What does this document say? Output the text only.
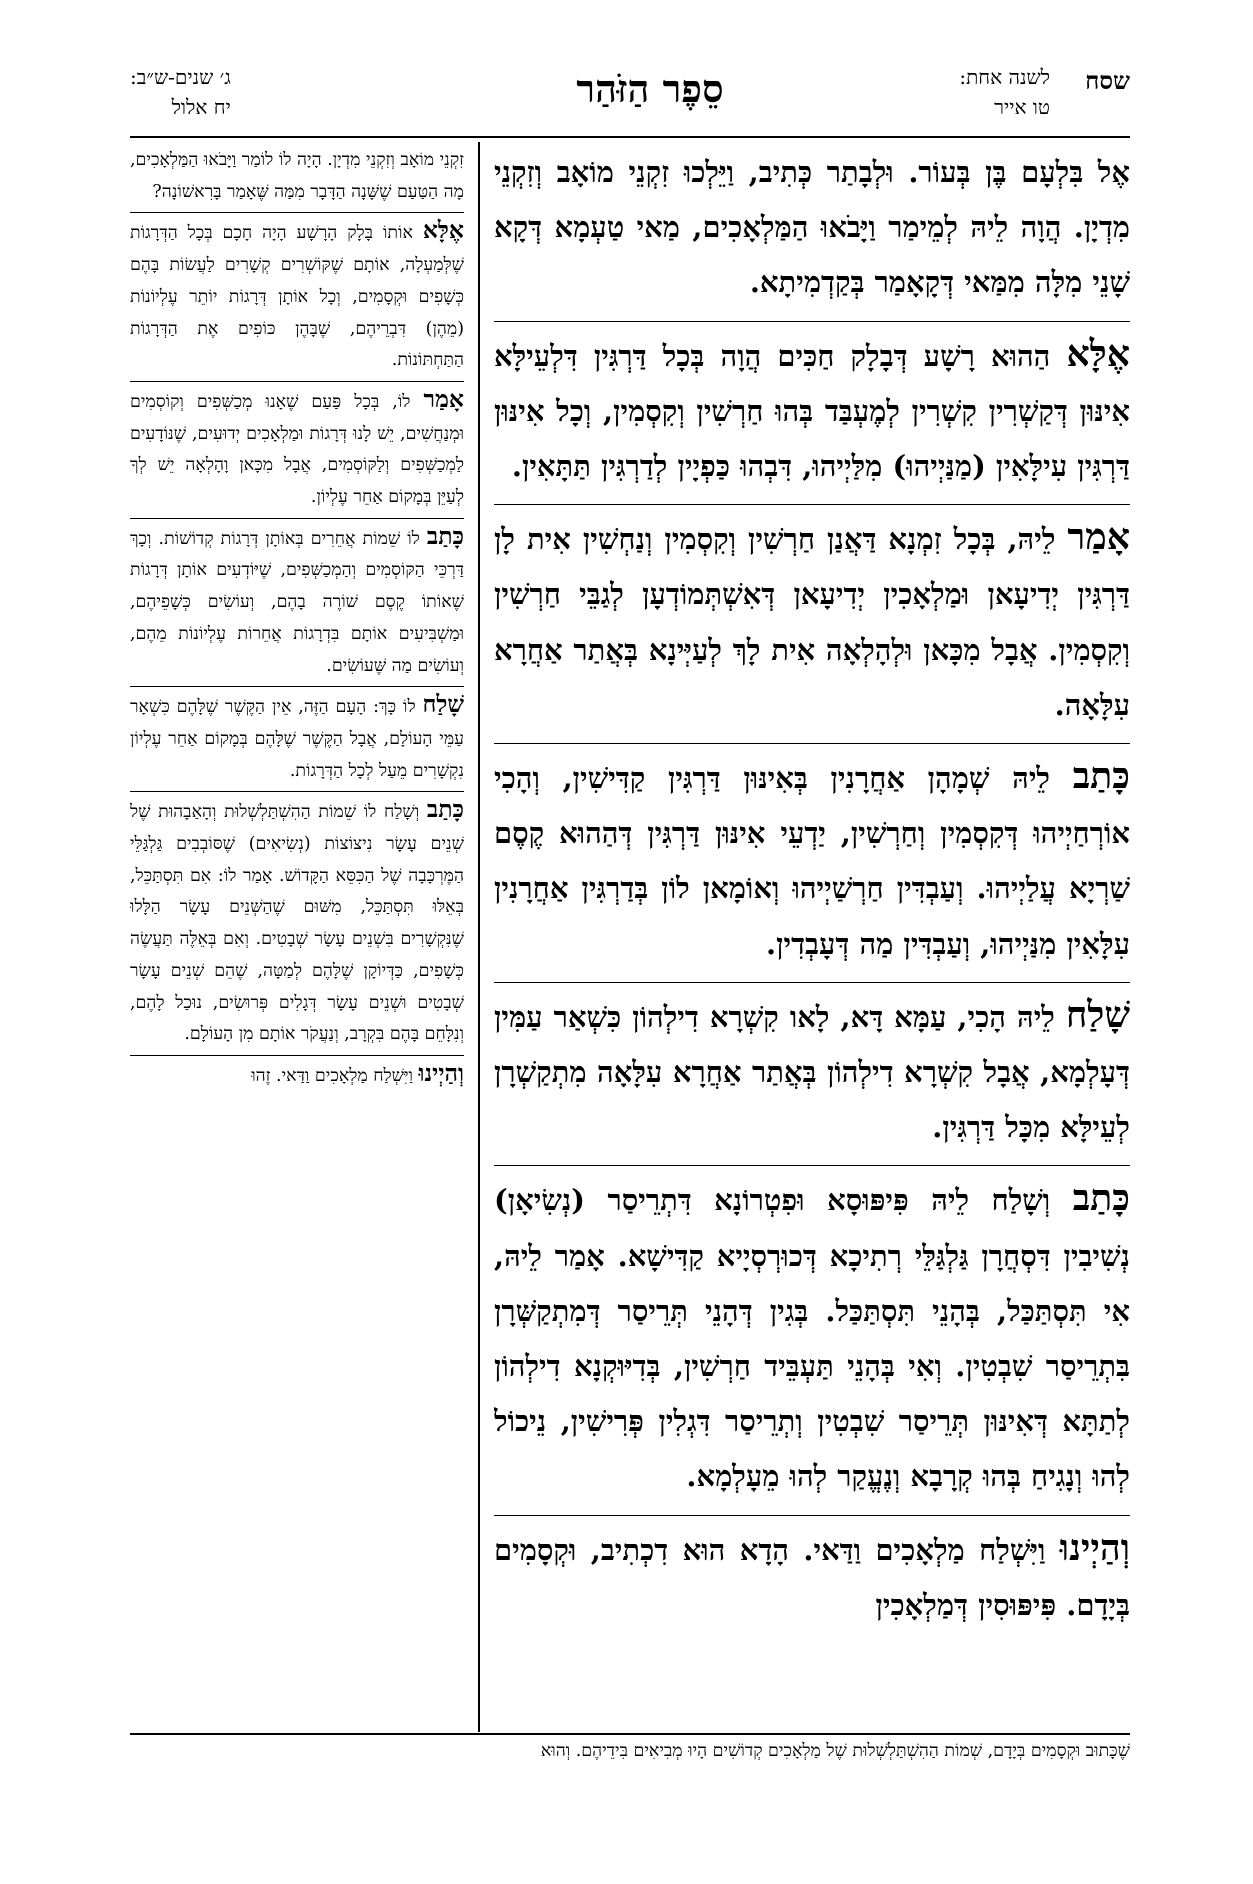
שסח
לשנה אחת:
טו אייר
סֵפֶר הַזֹּהַר
ג׳ שנים-ש״ב:
יח אלול

אֶל בִּלְעָם בֶּן בְּעוֹר. וּלְבָתַר כְּתִיב, וַיֵּלְכוּ זִקְנֵי מוֹאָב וְזִקְנֵי מִדְיָן. הֲוָה לֵיהּ לְמֵימַר וַיָּבֹאוּ הַמַּלְאָכִים, מַאי טַעְמָא דְּקָא שָׁנֵי מִלָּה מִמַּאי דְּקָאָמַר בְּקַדְמִיתָא.

אֶלָּא הַהוּא רָשָׁע דְּבָלָק חַכִּים הֲוָה בְּכָל דַּרְגִּין דִּלְעֵילָּא אִינּוּן דְּקַשְׁרִין קִשְׁרִין לְמֶעְבַּד בְּהוּ חַרְשִׁין וְקִסְמִין, וְכָל אִינּוּן דַּרְגִּין עִילָּאִין (מַנַּיְיהוּ) מִלַּיְיהוּ, דִּבְהוּ כַּפְיָין לְדַרְגִּין תַּתָּאִין.

אָמַר לֵיהּ, בְּכָל זִמְנָא דַּאֲנַן חַרְשִׁין וְקִסְמִין וְנַחְשִׁין אִית לָן דַּרְגִּין יְדִיעָאן וּמַלְאָכִין יְדִיעָאן דְּאִשְׁתְּמוֹדְעָן לְגַבֵּי חַרְשִׁין וְקִסְמִין. אֲבָל מִכָּאן וּלְהָלְאָה אִית לָךְ לְעַיְּינָא בְּאֲתַר אַחֲרָא עִלָּאָה.

כָּתַב לֵיהּ שְׁמָהָן אַחֲרָנִין בְּאִינּוּן דַּרְגִּין קַדִּישִׁין, וְהָכִי אוֹרְחַיְיהוּ דְּקִסְמִין וְחַרְשִׁין, יַדְעֵי אִינּוּן דַּרְגִּין דְּהַהוּא קֶסֶם שַׁרְיָא עֲלַיְיהוּ. וְעַבְדִּין חַרְשַׁיְיהוּ וְאוֹמָאן לוֹן בְּדַרְגִּין אַחֲרָנִין עִלָּאִין מִנַּיְיהוּ, וְעַבְדִּין מַה דְּעָבְדִין.

שָׁלַח לֵיהּ הָכִי, עַמָּא דָּא, לָאו קִשְׁרָא דִילְהוֹן כִּשְׁאַר עַמִּין דְּעָלְמָא, אֲבָל קִשְׁרָא דִילְהוֹן בְּאֲתַר אַחֲרָא עִלָּאָה מִתְקַשְׁרָן לְעֵילָּא מִכָּל דַּרְגִּין.

כָּתַב וְשָׁלַח לֵיהּ פִּיפּוּסָא וּפִטְרוֹנָא דִּתְרֵיסַר (נְשִׂיאָן) נְשִׁיבִין דִּסְחֲרָן גַּלְגַּלֵּי רְתִיכָא דְּכוּרְסְיָיא קַדִּישָׁא. אָמַר לֵיהּ, אִי תִּסְתַּכַּל, בְּהָנֵי תִּסְתַּכַּל. בְּגִין דְּהָנֵי תְּרֵיסַר דְּמִתְקַשְּׁרָן בִּתְרֵיסַר שִׁבְטִין. וְאִי בְּהָנֵי תַּעְבֵּיד חַרְשִׁין, בְּדִיּוּקְנָא דִילְהוֹן לְתַתָּא דְּאִינּוּן תְּרֵיסַר שִׁבְטִין וְתְרֵיסַר דִּגְלִין פְּרִישִׁין, נֵיכוֹל לְהוּ וְנָגִיחַ בְּהוּ קְרָבָא וְנֶעֱקַר לְהוּ מֵעָלְמָא.

וְהַיְינוּ וַיִּשְׁלַח מַלְאָכִים וַדַּאי. הָדָא הוּא דִכְתִיב, וּקְסָמִים בְּיָדָם. פִּיפּוּסִין דְּמַלְאָכִין

זִקְנֵי מוֹאָב וְזִקְנֵי מִדְיָן. הָיָה לוֹ לוֹמַר וַיָּבֹאוּ הַמַּלְאָכִים, מָה הַטַּעַם שֶׁשָּׁנָה הַדָּבָר מִמַּה שֶּׁאָמַר בָּרִאשׁוֹנָה?

אֶלָּא אוֹתוֹ בָּלָק הָרָשָׁע הָיָה חָכָם בְּכָל הַדְּרָגוֹת שֶׁלְּמַעְלָה, אוֹתָם שֶׁקּוֹשְׁרִים קְשָׁרִים לַעֲשׂוֹת בָּהֶם כְּשָׁפִים וּקְסָמִים, וְכָל אוֹתָן דְּרָגוֹת יוֹתֵר עֶלְיוֹנוֹת (מֵהֶן) דִּבְרֵיהֶם, שֶׁבָּהֶן כּוֹפִים אֶת הַדְּרָגוֹת הַתַּחְתּוֹנוֹת.

אָמַר לוֹ, בְּכָל פַּעַם שֶׁאָנוּ מְכַשְּׁפִים וְקוֹסְמִים וּמְנַחֲשִׁים, יֵשׁ לָנוּ דְּרָגוֹת וּמַלְאָכִים יְדוּעִים, שֶׁנּוֹדָעִים לַמְכַשְּׁפִים וְלַקּוֹסְמִים, אֲבָל מִכָּאן וָהָלְאָה יֵשׁ לְךָ לְעַיֵּן בְּמָקוֹם אַחֵר עֶלְיוֹן.

כָּתַב לוֹ שֵׁמוֹת אֲחֵרִים בְּאוֹתָן דְּרָגוֹת קְדוֹשׁוֹת. וְכָךְ דַּרְכֵּי הַקּוֹסְמִים וְהַמְכַשְּׁפִים, שֶׁיּוֹדְעִים אוֹתָן דְּרָגוֹת שֶׁאוֹתוֹ קֶסֶם שׁוֹרֶה בָהֶם, וְעוֹשִׂים כְּשָׁפֵיהֶם, וּמַשְׁבִּיעִים אוֹתָם בִּדְרָגוֹת אֲחֵרוֹת עֶלְיוֹנוֹת מֵהֶם, וְעוֹשִׂים מַה שֶּׁעוֹשִׂים.

שָׁלַח לוֹ כָּךְ: הָעָם הַזֶּה, אֵין הַקֶּשֶׁר שֶׁלָּהֶם כִּשְׁאָר עַמֵּי הָעוֹלָם, אֲבָל הַקֶּשֶׁר שֶׁלָּהֶם בְּמָקוֹם אַחֵר עֶלְיוֹן נִקְשָׁרִים מֵעַל לְכָל הַדְּרָגוֹת.

כָּתַב וְשָׁלַח לוֹ שֵׁמוֹת הַהִשְׁתַּלְשְׁלוּת וְהָאַבָהוּת שֶׁל שְׁנֵים עָשָׂר נִיצוֹצוֹת (נְשִׂיאִים) שֶׁסּוֹבְבִים גַּלְגַּלֵּי הַמֶּרְכָּבָה שֶׁל הַכִּסֵּא הַקָּדוֹשׁ. אָמַר לוֹ: אִם תִּסְתַּכֵּל, בְּאֵלּוּ תִּסְתַּכֵּל, מִשּׁוּם שֶׁהַשְּׁנֵים עָשָׂר הַלָּלוּ שֶׁנִּקְשָׁרִים בִּשְׁנֵים עָשָׂר שְׁבָטִים. וְאִם בְּאֵלֶּה תַּעֲשֶׂה כְּשָׁפִים, כַּדְּיוֹקָן שֶׁלָּהֶם לְמַטָּה, שֶׁהֵם שְׁנֵים עָשָׂר שְׁבָטִים וּשְׁנֵים עָשָׂר דְּגָלִים פְּרוּשִׂים, נוּכַל לָהֶם, וְנִלָּחֵם בָּהֶם בִּקְרָב, וְנַעֲקֹר אוֹתָם מִן הָעוֹלָם.

וְהַיְינוּ וַיִּשְׁלַח מַלְאָכִים וַדַּאי. זֶהוּ

שֶׁכָּתוּב וּקְסָמִים בְּיָדָם, שְׁמוֹת הַהִשְׁתַּלְשְׁלוּת שֶׁל מַלְאָכִים קְדוֹשִׁים הָיוּ מְבִיאִים בִּידֵיהֶם. וְהוּא
